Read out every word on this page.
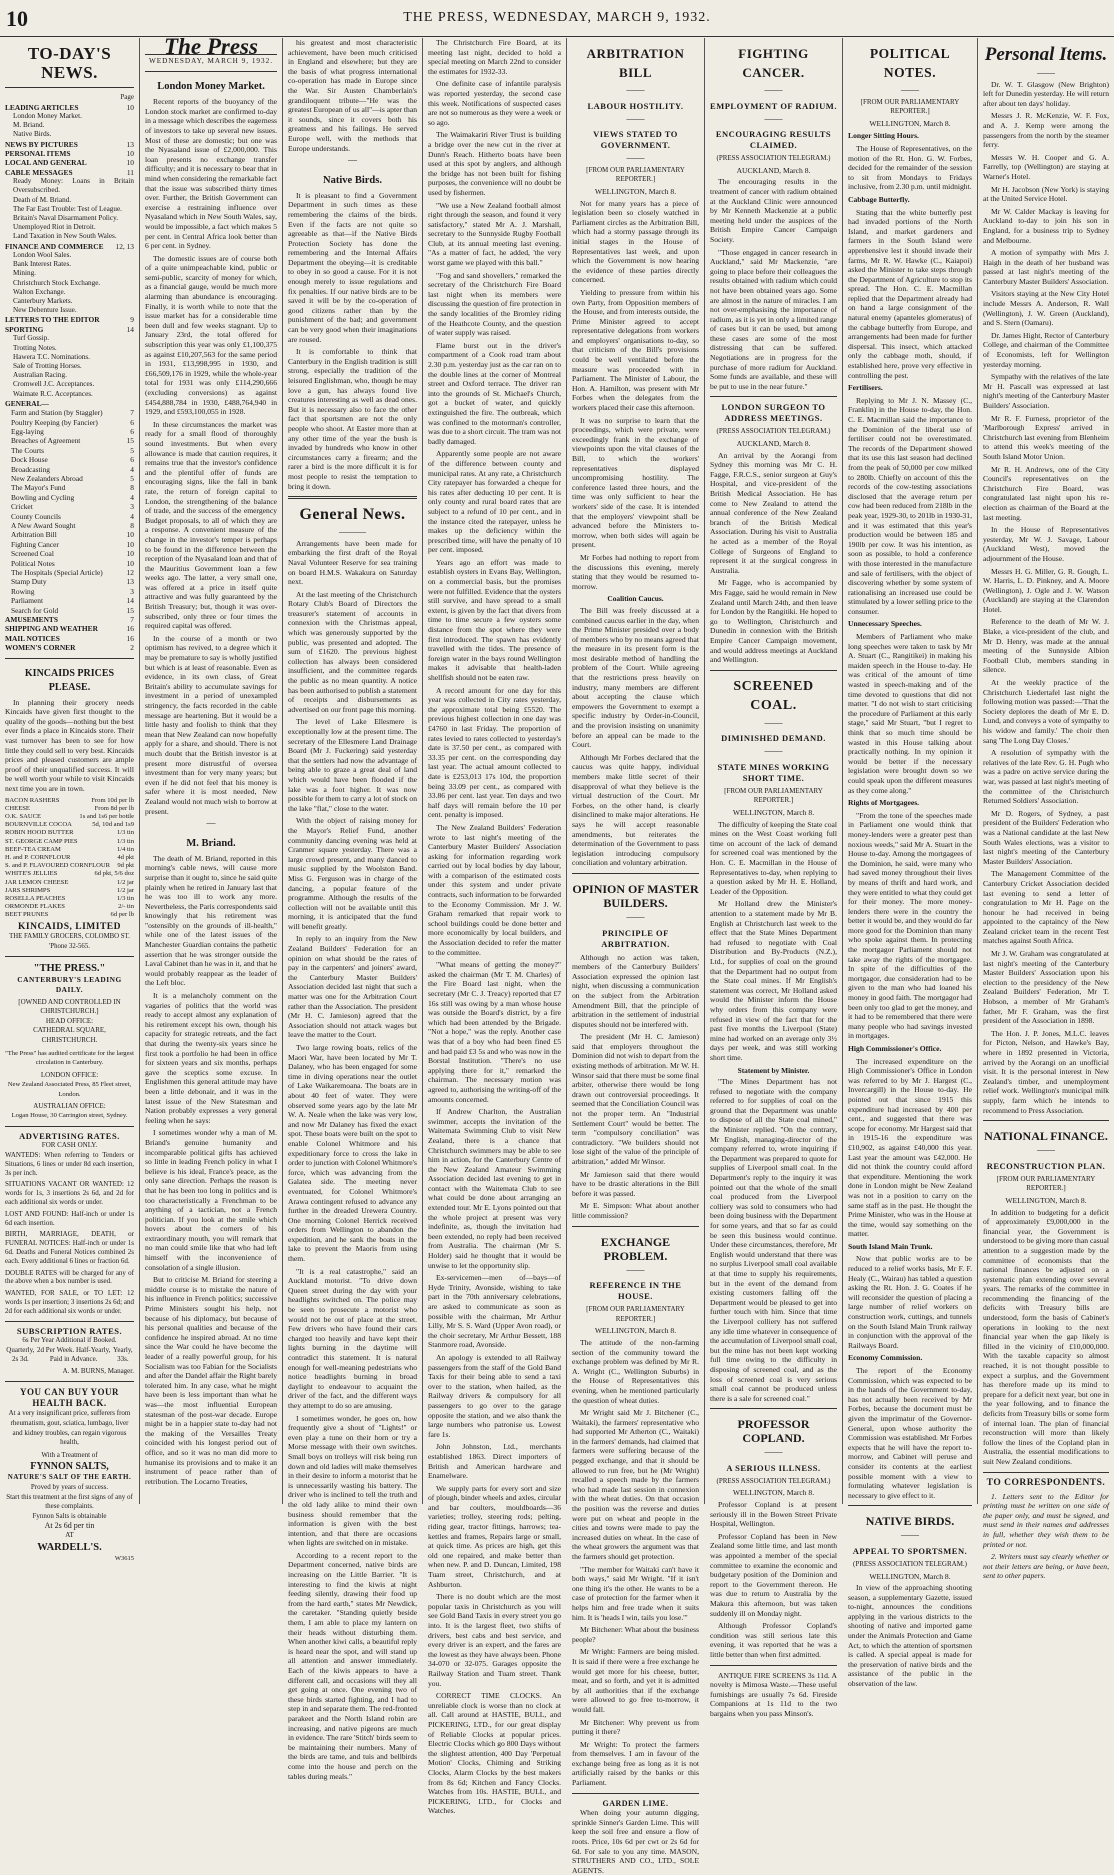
10	THE PRESS, WEDNESDAY, MARCH 9, 1932.
TO-DAY'S NEWS.
Page
LEADING ARTICLES	10
London Money Market.
M. Briand.
Native Birds.
NEWS BY PICTURES	13
PERSONAL ITEMS	10
LOCAL AND GENERAL	10
CABLE MESSAGES	11
Ready Money: Loans in Britain Oversubscribed.
Death of M. Briand.
The Far East Trouble: Test of League.
Britain's Naval Disarmament Policy.
Unemployed Riot in Detroit.
Land Taxation in New South Wales.
FINANCE AND COMMERCE 12, 13
London Wool Sales.
Bank Interest Rates.
Mining.
Christchurch Stock Exchange.
Walton Exchange.
Canterbury Markets.
New Debenture Issue.
LETTERS TO THE EDITOR	9
SPORTING	14
Turf Gossip.
Trotting Notes.
Hawera T.C. Nominations.
Sale of Trotting Horses.
Australian Racing.
Cromwell J.C. Acceptances.
Waimate R.C. Acceptances.
GENERAL—
Farm and Station (by Staggler)	7
Poultry Keeping (by Fancier)	6
Egg-laying	6
Breaches of Agreement	15
The Courts	5
Dock House	6
Broadcasting	4
New Zealanders Abroad	5
The Mayor's Fund	8
Bowling and Cycling	4
Cricket	3
County Councils	4
A New Award Sought	8
Arbitration Bill	10
Fighting Cancer	10
Screened Coal	10
Political Notes	10
The Hospitals (Special Article)	12
Stamp Duty	13
Rowing	3
Parliament	14
Search for Gold	15
AMUSEMENTS	7
SHIPPING AND WEATHER	16
MAIL NOTICES	16
WOMEN'S CORNER	2
KINCAIDS PRICES PLEASE.

In planning their grocery needs Kincaids have given first thought to the quality of the goods—nothing but the best ever finds a place in Kincaids store. Their vast turnover has been to see for how little they could sell to very best. Kincaids prices and pleased customers are ample proof of their unqualified success. It will be well worth your while to visit Kincaids next time you are in town.

BACON RASHERS	From 10d per lb
CHEESE	From 8d per lb
O.K. SAUCE	1s and 1s6 per bottle
BOURNVILLE COCOA	5d, 10d and 1s9
ROBIN HOOD BUTTER	1/3 tin
ST. GEORGE CAMP PIES	1/3 tin
BEEF-TEA CREAM	1/4 tin
H. and P. CORNFLOUR	4d pkt
S. and P. FLAVOURED CORNFLOUR 9d pkt
WHITE'S JELLIES	6d pkt, 5/6 doz
JAR LEMON CHEESE	1/2 jar
JARS SHRIMPS	1/2 jar
ROSELLA PEACHES	1/3 tin
ORMONDE FLAKES	2/- tin
BEET PRUNES	6d per lb
KINCAIDS, LIMITED
THE FAMILY GROCERS, COLOMBO ST. 'Phone 32-565.
"THE PRESS."
CANTERBURY'S LEADING DAILY.
[OWNED AND CONTROLLED IN CHRISTCHURCH.]
HEAD OFFICE:
CATHEDRAL SQUARE, CHRISTCHURCH.
"The Press" has audited certificate for the largest circulation in Canterbury.
LONDON OFFICE:
New Zealand Associated Press, 85 Fleet street, London.
AUSTRALIAN OFFICE:
Logan House, 30 Carrington street, Sydney.
ADVERTISING RATES.
FOR CASH ONLY.

WANTEDS: When referring to Tenders or Situations, 6 lines or under 8d each insertion, 3s per inch.

SITUATIONS VACANT OR WANTED: 12 words for 1s, 3 insertions 2s 6d, and 2d for each additional six words or under.

LOST AND FOUND: Half-inch or under 1s 6d each insertion.

BIRTH, MARRIAGE, DEATH, or FUNERAL NOTICES: Half-inch or under 1s 6d. Deaths and Funeral Notices combined 2s each. Every additional 6 lines or fraction 6d.

DOUBLE RATES will be charged for any of the above when a box number is used.

WANTED, FOR SALE, or TO LET: 12 words 1s per insertion; 3 insertions 2s 6d; and 2d for each additional six words or under.

SUBSCRIPTION RATES.
6s Per Year Additional if Booked.
Quarterly,
2s 3d.
2d Per Week. Half-Yearly,
Paid in Advance.
Yearly,
33s.
A. M. BURNS, Manager.
YOU CAN BUY YOUR HEALTH BACK.

At a very insignificant price, sufferers from rheumatism, gout, sciatica, lumbago, liver and kidney troubles, can regain vigorous health,

With a Treatment of
FYNNON SALTS,
NATURE'S SALT OF THE EARTH.
Proved by years of success.
Start this treatment at the first signs of any of these complaints.
Fynnon Salts is obtainable
At 2s 6d per tin
AT
WARDELL'S.
W3615
The Press
WEDNESDAY, MARCH 9, 1932.
London Money Market.

Recent reports of the buoyancy of the London stock market are confirmed to-day in a message which describes the eagerness of investors to take up several new issues. Most of these are domestic; but one was the Nyasaland issue of £2,000,000. This loan presents no exchange transfer difficulty; and it is necessary to bear that in mind when considering the remarkable fact that the issue was subscribed thirty times over. Further, the British Government can exercise a restraining influence over Nyasaland which in New South Wales, say, would be impossible, a fact which makes 5 per cent. in Central Africa look better than 6 per cent. in Sydney.

The domestic issues are of course both of a quite unimpeachable kind, public or semi-public, scarcity of money for which, as a financial gauge, would be much more alarming than abundance is encouraging. Finally, it is worth while to note that the issue market has for a considerable time been dull and few weeks stagnant. Up to January 23rd, the total offered for subscription this year was only £1,100,375 as against £10,207,563 for the same period in 1931, £13,998,995 in 1930, and £66,509,176 in 1929, while the whole-year total for 1931 was only £114,290,666 (excluding conversions) as against £454,888,784 in 1930, £488,764,940 in 1929, and £593,100,055 in 1928.

In these circumstances the market was ready for a small flood of thoroughly sound investments. But when every allowance is made that caution requires, it remains true that the investor's confidence and the plentiful offer of funds are encouraging signs, like the fall in bank rate, the return of foreign capital to London, the strengthening of the balance of trade, and the success of the emergency Budget proposals, to all of which they are a response. A convenient measure of the change in the investor's temper is perhaps to be found in the difference between the reception of the Nyasaland loan and that of the Mauritius Government loan a few weeks ago. The latter, a very small one, was offered at a price in itself quite attractive and was fully guaranteed by the British Treasury; but, though it was over-subscribed, only three or four times the required capital was offered.

In the course of a month or two optimism has revived, to a degree which it may be premature to say is wholly justified but which is at least of reasonable. Even as evidence, in its own class, of Great Britain's ability to accumulate savings for investment in a period of unexampled stringency, the facts recorded in the cable message are heartening. But it would be a little hasty and foolish to think that they mean that New Zealand can now hopefully apply for a share, and should. There is not much doubt that the British investor is at present more distrustful of oversea investment than for very many years; but even if he did not feel that his money is safer where it is most needed, New Zealand would not much wish to borrow at present.

—
M. Briand.

The death of M. Briand, reported in this morning's cable news, will cause more surprise than it ought to, since he said quite plainly when he retired in January last that he was too ill to work any more. Nevertheless, the Paris correspondents said knowingly that his retirement was "ostensibly on the grounds of ill-health," while one of the latest issues of the Manchester Guardian contains the pathetic assertion that he was stronger outside the Laval Cabinet than he was in it, and that he would probably reappear as the leader of the Left bloc.

It is a melancholy comment on the vagaries of politics that the world was ready to accept almost any explanation of his retirement except his own, though his capacity for strategic retreats, and the fact that during the twenty-six years since he first took a portfolio he had been in office for sixteen years and six months, perhaps gave the sceptics some excuse. In Englishmen this general attitude may have been a little debonair, and it was in the latest issue of the New Statesman and Nation probably expresses a very general feeling when he says:

I sometimes wonder why a man of M. Briand's genuine humanity and incomparable political gifts has achieved so little in leading French policy in what I believe is his ideal, France's peace, as the only sane direction. Perhaps the reason is that he has been too long in politics and is too characteristically a Frenchman to be anything of a tactician, not a French politician. If you look at the smile which hovers about the corners of his extraordinary mouth, you will remark that no man could smile like that who had left himself with the inconvenience of consolation of a single illusion.

But to criticise M. Briand for steering a middle course is to mistake the nature of his influence in French politics; successive Prime Ministers sought his help, not because of his diplomacy, but because of his personal qualities and because of the confidence he inspired abroad. At no time since the War could he have become the leader of a really powerful group, for his Socialism was too Fabian for the Socialists and after the Dandel affair the Right barely tolerated him. In any case, what he might have been is less important than what he was—the most influential European statesman of the post-war decade. Europe might be in a happier state to-day had not the making of the Versailles Treaty coincided with his longest period out of office, and so it was no man did more to humanise its provisions and to make it an instrument of peace rather than of retribution. The Locarno Treaties,

his greatest and most characteristic achievement, have been much criticised in England and elsewhere; but they are the basis of what progress international co-operation has made in Europe since the War. Sir Austen Chamberlain's grandiloquent tribute—"He was the greatest European of us all"—is apter than it sounds, since it covers both his greatness and his failings. He served Europe well, with the methods that Europe understands.

—
Native Birds.

It is pleasant to find a Government Department in such times as these remembering the claims of the birds. Even if the facts are not quite so agreeable as that—if the Native Birds Protection Society has done the remembering and the Internal Affairs Department the obeying—it is creditable to obey in so good a cause. For it is not enough merely to issue regulations and fix penalties. If our native birds are to be saved it will be by the co-operation of good citizens rather than by the punishment of the bad; and government can be very good when their imaginations are roused.

It is comfortable to think that Canterbury in the English tradition is still strong, especially the tradition of the leisured Englishman, who, though he may love a gun, has always found live creatures interesting as well as dead ones. But it is necessary also to face the other fact that sportsmen are not the only people who shoot. At Easter more than at any other time of the year the bush is invaded by hundreds who know in other circumstances carry a firearm; and the rarer a bird is the more difficult it is for most people to resist the temptation to bring it down.

General News.
———

Arrangements have been made for embarking the first draft of the Royal Naval Volunteer Reserve for sea training on board H.M.S. Wakakura on Saturday next.

At the last meeting of the Christchurch Rotary Club's Board of Directors the treasurer's statement of accounts in connexion with the Christmas appeal, which was generously supported by the public, was presented and adopted. The sum of £1620. The previous highest collection has always been considered insufficient, and the committee regards the public as no mean quantity. A notice has been authorised to publish a statement of receipts and disbursements as advertised on our front page this morning.

The level of Lake Ellesmere is exceptionally low at the present time. The secretary of the Ellesmere Land Drainage Board (Mr J. Fuckering) said yesterday that the settlers had now the advantage of being able to graze a great deal of land which would have been flooded if the lake was a foot higher. It was now possible for them to carry a lot of stock on the lake "flat," close to the water.

With the object of raising money for the Mayor's Relief Fund, another community dancing evening was held at Cranmer square yesterday. There was a large crowd present, and many danced to music supplied by the Woolston Band. Miss G. Ferguson was in charge of the dancing, a popular feature of the programme. Although the results of the collection will not be available until this morning, it is anticipated that the fund will benefit greatly.

In reply to an inquiry from the New Zealand Builders' Federation for an opinion on what should be the rates of pay in the carpenters' and joiners' award, the Canterbury Master Builders' Association decided last night that such a matter was one for the Arbitration Court rather than the Association. The president (Mr H. C. Jamieson) agreed that the Association should not attack wages but leave the matter to the Court.

Two large rowing boats, relics of the Maori War, have been located by Mr T. Dalaney, who has been engaged for some time in diving operations near the outlet of Lake Waikaremoana. The boats are in about 40 feet of water. They were observed some years ago by the late Mr W. A. Neale when the lake was very low, and now Mr Dalaney has fixed the exact spot. These boats were built on the spot to enable Colonel Whitmore and his expeditionary force to cross the lake in order to junction with Colonel Whitmore's force, which was advancing from the Galatea side. The meeting never eventuated, for Colonel Whitmore's Arawa contingent refused to advance any further in the dreaded Urewera Country. One morning Colonel Herrick received orders from Wellington to abandon the expedition, and he sank the boats in the lake to prevent the Maoris from using them.

"It is a real catastrophe," said an Auckland motorist. "To drive down Queen street during the day with your headlights switched on. The police may be seen to prosecute a motorist who would not be out of place at the street. Few drivers who have found their cars charged too heavily and have kept their lights burning in the daytime will contradict this statement. It is natural enough for well-meaning pedestrians who notice headlights burning in broad daylight to endeavour to acquaint the driver of the fact, and the different ways they attempt to do so are amusing.

I sometimes wonder, he goes on, how frequently give a shout of "Lights!" or even play a tune on their horn or try a Morse message with their own switches. Small boys on trolleys will risk being run down and old ladies will make themselves in their desire to inform a motorist that he is unnecessarily wasting his battery. The driver who is inclined to tell the truth and the old lady alike to mind their own business should remember that the information is given with the best intention, and that there are occasions when lights are switched on in mistake.

According to a recent report to the Department concerned, native birds are increasing on the Little Barrier. "It is interesting to find the kiwis at night feeding silently, drawing their food up from the hard earth," states Mr Newdick, the caretaker. "Standing quietly beside them, I am able to place my lantern on their heads without disturbing them. When another kiwi calls, a beautiful reply is heard near the spot, and will stand up all attention and answer immediately. Each of the kiwis appears to have a different call, and occasions will they all get going at once. One evening two of these birds started fighting, and I had to step in and separate them. The red-fronted parakeet and the North Island robin are increasing, and native pigeons are much in evidence. The rare 'Stitch' birds seem to be maintaining their numbers. Many of the birds are tame, and tuis and bellbirds come into the house and perch on the tables during meals."

The Christchurch Fire Board, at its meeting last night, decided to hold a special meeting on March 22nd to consider the estimates for 1932-33.

One definite case of infantile paralysis was reported yesterday, the second case this week. Notifications of suspected cases are not so numerous as they were a week or so ago.

The Waimakariri River Trust is building a bridge over the new cut in the river at Dunn's Reach. Hitherto boats have been used at this spot by anglers, and although the bridge has not been built for fishing purposes, the convenience will no doubt be used by fishermen.

"We use a New Zealand football almost right through the season, and found it very satisfactory," stated Mr A. J. Marshall, secretary to the Sunnyside Rugby Football Club, at its annual meeting last evening. "As a matter of fact, he added, 'the very worst game we played with this ball."

"Fog and sand shovellers," remarked the secretary of the Christchurch Fire Board last night when its members were discussing the question of fire protection in the sandy localities of the Bromley riding of the Heathcote County, and the question of water supply was raised.

Flame burst out in the driver's compartment of a Cook road tram about 2.30 p.m. yesterday just as the car ran on to the double lines at the corner of Montreal street and Oxford terrace. The driver ran into the grounds of St. Michael's Church, got a bucket of water, and quickly extinguished the fire. The outbreak, which was confined to the motorman's controller, was due to a short circuit. The tram was not badly damaged.

Apparently some people are not aware of the difference between county and municipal rates. At any rate, a Christchurch City ratepayer has forwarded a cheque for his rates after deducting 10 per cent. It is only county and rural board rates that are subject to a refund of 10 per cent., and in the instance cited the ratepayer, unless he makes up the deficiency within the prescribed time, will have the penalty of 10 per cent. imposed.

Years ago an effort was made to establish oysters in Evans Bay, Wellington, on a commercial basis, but the promises were not fulfilled. Evidence that the oysters still survive, and have spread to a small extent, is given by the fact that divers from time to time secure a few oysters some distance from the spot where they were first introduced. The spawn has evidently travelled with the tides. The presence of foreign water in the bays round Wellington makes it advisable that health-laden shellfish should not be eaten raw.

A record amount for one day for this year was collected in City rates yesterday, the approximate total being £5520. The previous highest collection in one day was £4760 in last Friday. The proportion of rates levied to rates collected to yesterday's date is 37.50 per cent., as compared with 33.35 per cent. on the corresponding day last year. The actual amount collected to date is £253,013 17s 10d, the proportion being 33.09 per cent., as compared with 33.86 per cent. last year. Ten days and two half days will remain before the 10 per cent. penalty is imposed.

The New Zealand Builders' Federation wrote to last night's meeting of the Canterbury Master Builders' Association asking for information regarding work carried out by local bodies by day labour, with a comparison of the estimated costs under this system and under private contracts, such information to be forwarded to the Economy Commission. Mr J. W. Graham remarked that repair work to school buildings could be done better and more economically by local builders, and the Association decided to refer the matter to the committee.

"What means of getting the money?" asked the chairman (Mr T. M. Charles) of the Fire Board last night, when the secretary (Mr C. J. Treacy) reported that £7 16s still was owing by a man whose house was outside the Board's district, by a fire which had been attended by the Brigade. "Not a hope," was the reply. Another case was that of a boy who had been fined £5 and had paid £3 5s and who was now in the Borstal Institution. "There's no use applying there for it," remarked the chairman. The necessary motion was agreed to, authorising the writing-off of the amounts concerned.

If Andrew Charlton, the Australian swimmer, accepts the invitation of the Waitemata Swimming Club to visit New Zealand, there is a chance that Christchurch swimmers may be able to see him in action, for the Canterbury Centre of the New Zealand Amateur Swimming Association decided last evening to get in contact with the Waitemata Club to see what could be done about arranging an extended tour. Mr E. Lyons pointed out that the whole project at present was very indefinite, as, though the invitation had been extended, no reply had been received from Australia. The chairman (Mr S. Holder) said he thought that it would be unwise to let the opportunity slip.

Ex-servicemen—men of—bays—of Hyde Trinity, Avonside, wishing to take part in the 70th anniversary celebrations, are asked to communicate as soon as possible with the chairman, Mr Arthur Lilly, Mr S. S. Ward (Upper Avon road), or the choir secretary, Mr Arthur Bessett, 188 Stanmore road, Avonside.

An apology is extended to all Railway passengers from the staff of the Gold Band Taxis for their being able to send a taxi over to the station, when hailed, as the Railway drivers & compulsory for all passengers to go over to the garage opposite the station, and we also thank the large numbers who patronise us. Lowest fare 1s.

John Johnston, Ltd., merchants established 1863. Direct importers of British and American hardware and Enamelware.

We supply parts for every sort and size of plough, binder wheels and axles, circular and bar coulters, mouldboards—36 varieties; trolley, steering rods; pelting, riding gear, tractor fittings, harrows; tea-kettles and frames, Repairs large or small, at quick time. As prices are high, get this old one repaired, and make better than when new. P. and D. Duncan, Limited, 198 Tuam street, Christchurch, and at Ashburton.

There is no doubt which are the most popular taxis in Christchurch as you will see Gold Band Taxis in every street you go into. It is the largest fleet, two shifts of drivers, best cabs and best service, and every driver is an expert, and the fares are the lowest as they have always been. Phone 34-070 or 32-075. Garages opposite the Railway Station and Tuam street. Thank you.

CORRECT TIME CLOCKS. An unreliable clock is worse than no clock at all. Call around at HASTIE, BULL, and PICKERING, LTD., for our great display of Reliable Clocks at popular prices. Electric Clocks which go 800 Days without the slightest attention, 400 Day 'Perpetual Motion' Clocks, Chiming and Striking Clocks, Alarm Clocks by the best makers from 8s 6d; Kitchen and Fancy Clocks. Watches from 10s. HASTIE, BULL, and PICKERING, LTD., for Clocks and Watches.

ARBITRATION BILL
——
LABOUR HOSTILITY.
——
VIEWS STATED TO GOVERNMENT.
——
[FROM OUR PARLIAMENTARY REPORTER.]
WELLINGTON, March 8.

Not for many years has a piece of legislation been so closely watched in Parliament circles as the Arbitration Bill, which had a stormy passage through its initial stages in the House of Representatives last week, and upon which the Government is now hearing the evidence of these parties directly concerned.

Yielding to pressure from within his own Party, from Opposition members of the House, and from interests outside, the Prime Minister agreed to accept representative delegations from workers and employers' organisations to-day, so that criticism of the Bill's provisions could be well ventilated before the measure was proceeded with in Parliament. The Minister of Labour, the Hon. A. Hamilton, was present with Mr Forbes when the delegates from the workers placed their case this afternoon.

It was no surprise to learn that the proceedings, which were private, were exceedingly frank in the exchange of viewpoints upon the vital clauses of the Bill, to which the workers' representatives displayed uncompromising hostility. The conference lasted three hours, and the time was only sufficient to hear the workers' side of the case. It is intended that the employers' viewpoint shall be advanced before the Ministers to-morrow, when both sides will again be present.

Mr Forbes had nothing to report from the discussions this evening, merely stating that they would be resumed to-morrow.

Coalition Caucus.

The Bill was freely discussed at a combined caucus earlier in the day, when the Prime Minister presided over a body of members who by no means agreed that the measure in its present form is the most desirable method of handling the problem of the Court. While agreeing that the restrictions press heavily on industry, many members are different about accepting the clause which empowers the Government to exempt a specific industry by Order-in-Council, and the provision insisting on unanimity before an appeal can be made to the Court.

Although Mr Forbes declared that the caucus was quite happy, individual members make little secret of their disapproval of what they believe is the virtual destruction of the Court. Mr Forbes, on the other hand, is clearly disinclined to make major alterations. He says he will accept reasonable amendments, but reiterates the determination of the Government to pass legislation introducing compulsory conciliation and voluntary arbitration.

OPINION OF MASTER BUILDERS.
——
PRINCIPLE OF ARBITRATION.

Although no action was taken, members of the Canterbury Builders' Association expressed the opinion last night, when discussing a communication on the subject from the Arbitration Amendment Bill, that the principle of arbitration in the settlement of industrial disputes should not be interfered with.

The president (Mr H. C. Jamieson) said that employers throughout the Dominion did not wish to depart from the existing methods of arbitration. Mr W. H. Winsor said that there must be some final arbiter, otherwise there would be long drawn out controversial proceedings. It seemed that the Conciliation Council was not the proper term. An "Industrial Settlement Court" would be better. The term "compulsory conciliation" was contradictory. "We builders should not lose sight of the value of the principle of arbitration," added Mr Winsor.

Mr Jamieson said that there would have to be drastic alterations in the Bill before it was passed.

Mr E. Simpson: What about another little commission?

EXCHANGE PROBLEM.
——
REFERENCE IN THE HOUSE.
[FROM OUR PARLIAMENTARY REPORTER.]
WELLINGTON, March 8.

The attitude of the non-farming section of the community toward the exchange problem was defined by Mr R. A. Wright (C., Wellington Suburbs) in the House of Representatives this evening, when he mentioned particularly the question of wheat duties.

Mr Wright said Mr J. Bitchener (C., Waitaki), the farmers' representative who had supported Mr Atherton (C., Waitaki) in the farmers' demands, had claimed that farmers were suffering because of the pegged exchange, and that it should be allowed to run free, but he (Mr Wright) recalled a speech made by the farmers who had made last session in connexion with the wheat duties. On that occasion the position was the reverse and duties were put on wheat and people in the cities and towns were made to pay the increased duties on wheat. In the case of the wheat growers the argument was that the farmers should get protection.

"The member for Waitaki can't have it both ways," said Mr Wright. "If it isn't one thing it's the other. He wants to be a case of protection for the farmer when it helps him and free trade when it suits him. It is 'heads I win, tails you lose.'"

Mr Bitchener: What about the business people?

Mr Wright: Farmers are being misled. It is said if there were a free exchange he would get more for his cheese, butter, meat, and so forth, and yet it is admitted by all authorities that if the exchange were allowed to go free to-morrow, it would fall.

Mr Bitchener: Why prevent us from putting it there?

Mr Wright: To protect the farmers from themselves. I am in favour of the exchange being free as long as it is not artificially raised by the banks or this Parliament.

GARDEN LIME.

When doing your autumn digging, sprinkle Sinner's Garden Lime. This will keep the soil free and ensure a flow of roots. Price, 10s 6d per cwt or 2s 6d for 6d. For sale to you any time. MASON, STRUTHERS AND CO., LTD., SOLE AGENTS.

FIGHTING CANCER.
——
EMPLOYMENT OF RADIUM.
——
ENCOURAGING RESULTS CLAIMED.
(PRESS ASSOCIATION TELEGRAM.)
AUCKLAND, March 8.

The encouraging results in the treatment of cancer with radium obtained at the Auckland Clinic were announced by Mr Kenneth Mackenzie at a public meeting held under the auspices of the British Empire Cancer Campaign Society.

"Those engaged in cancer research in Auckland," said Mr Mackenzie, "are going to place before their colleagues the results obtained with radium which could not have been obtained years ago. Some are almost in the nature of miracles. I am not over-emphasising the importance of radium, as it is yet in only a limited range of cases but it can be used, but among these cases are some of the most distressing that can be suffered. Negotiations are in progress for the purchase of more radium for Auckland. Some funds are available, and these will be put to use in the near future."

LONDON SURGEON TO ADDRESS MEETINGS.
(PRESS ASSOCIATION TELEGRAM.)
AUCKLAND, March 8.

An arrival by the Aorangi from Sydney this morning was Mr C. H. Fagge, F.R.C.S., senior surgeon at Guy's Hospital, and vice-president of the British Medical Association. He has come to New Zealand to attend the annual conference of the New Zealand branch of the British Medical Association. During his visit to Australia he acted as a member of the Royal College of Surgeons of England to represent it at the surgical congress in Australia.

Mr Fagge, who is accompanied by Mrs Fagge, said he would remain in New Zealand until March 24th, and then leave for London by the Rangitiki. He hoped to go to Wellington, Christchurch and Dunedin in connexion with the British Empire Cancer Campaign movement, and would address meetings at Auckland and Wellington.

SCREENED COAL.
——
DIMINISHED DEMAND.
——
STATE MINES WORKING SHORT TIME.
[FROM OUR PARLIAMENTARY REPORTER.]
WELLINGTON, March 8.

The difficulty of keeping the State coal mines on the West Coast working full time on account of the lack of demand for screened coal was mentioned by the Hon. C. E. Macmillan in the House of Representatives to-day, when replying to a question asked by Mr H. E. Holland, Leader of the Opposition.

Mr Holland drew the Minister's attention to a statement made by Mr B. English at Christchurch last week to the effect that the State Mines Department had refused to negotiate with Coal Distribution and By-Products (N.Z.), Ltd., for supplies of coal on the ground that the Department had no output from the State coal mines. If Mr English's statement was correct, Mr Holland asked would the Minister inform the House why orders from this company were refused in view of the fact that for the past five months the Liverpool (State) mine had worked on an average only 3½ days per week, and was still working short time.

Statement by Minister.

"The Mines Department has not refused to negotiate with the company referred to for supplies of coal on the ground that the Department was unable to dispose of all the State coal mined," the Minister replied. "On the contrary, Mr English, managing-director of the company referred to, wrote inquiring if the Department was prepared to quote for supplies of Liverpool small coal. In the Department's reply to the inquiry it was pointed out that the whole of the small coal produced from the Liverpool colliery was sold to consumers who had been doing business with the Department for some years, and that so far as could be seen this business would continue. Under these circumstances, therefore, Mr English would understand that there was no surplus Liverpool small coal available at that time to supply his requirements, but in the event of the demand from existing customers falling off the Department would be pleased to get into further touch with him. Since that time the Liverpool colliery has not suffered any idle time whatever in consequence of the accumulation of Liverpool small coal, but the mine has not been kept working full time owing to the difficulty in disposing of screened coal, and as the loss of screened coal is very serious small coal cannot be produced unless there is a sale for screened coal."

PROFESSOR COPLAND.
——
A SERIOUS ILLNESS.
(PRESS ASSOCIATION TELEGRAM.)
WELLINGTON, March 8.

Professor Copland is at present seriously ill in the Bowen Street Private Hospital, Wellington.

Professor Copland has been in New Zealand some little time, and last month was appointed a member of the special committee to examine the economic and budgetary position of the Dominion and report to the Government thereon. He was due to return to Australia by the Makura this afternoon, but was taken suddenly ill on Monday night.

Although Professor Copland's condition was still serious late this evening, it was reported that he was a little better than when first admitted.

ANTIQUE FIRE SCREENS 3s 11d. A novelty is Mimosa Waste.—These useful furnishings are usually 7s 6d. Fireside Companions at 1s 11d to the two bargains when you pass Minson's.

POLITICAL NOTES.
——
[FROM OUR PARLIAMENTARY REPORTER.]
WELLINGTON, March 8.

Longer Sitting Hours.

The House of Representatives, on the motion of the Rt. Hon. G. W. Forbes, decided for the remainder of the session to sit from Mondays to Fridays inclusive, from 2.30 p.m. until midnight.

Cabbage Butterfly.

Stating that the white butterfly pest had invaded portions of the North Island, and market gardeners and farmers in the South Island were apprehensive lest it should invade their farms, Mr R. W. Hawke (C., Kaiapoi) asked the Minister to take steps through the Department of Agriculture to stop its spread. The Hon. C. E. Macmillan replied that the Department already had on hand a large consignment of the natural enemy (apanteles glomeratus) of the cabbage butterfly from Europe, and arrangements had been made for further dispersal. This insect, which attacked only the cabbage moth, should, if established here, prove very effective in controlling the pest.

Fertilisers.

Replying to Mr J. N. Massey (C., Franklin) in the House to-day, the Hon. C. E. Macmillan said the importance to the Dominion of the liberal use of fertiliser could not be overestimated. The records of the Department showed that its use this last season had declined from the peak of 50,000 per cow milked to 280lb. Chiefly on account of this the records of the cow-testing associations disclosed that the average return per cow had been reduced from 218lb in the peak year, 1929-30, to 201lb in 1930-31, and it was estimated that this year's production would be between 185 and 190lb per cow. It was his intention, as soon as possible, to hold a conference with those interested in the manufacture and sale of fertilisers, with the object of discovering whether by some system of rationalising an increased use could be stimulated by a lower selling price to the consumer.

Unnecessary Speeches.

Members of Parliament who make long speeches were taken to task by Mr A. Stuart (C., Rangitikei) in making his maiden speech in the House to-day. He was critical of the amount of time wasted in speech-making and of the time devoted to questions that did not matter. "I do not wish to start criticising the procedure of Parliament at this early stage," said Mr Stuart, "but I regret to think that so much time should be wasted in this House talking about practically nothing. In my opinion it would be better if the necessary legislation were brought down so we could speak upon the different measures as they come along."

Rights of Mortgagees.

"From the tone of the speeches made in Parliament one would think that money-lenders were a greater pest than noxious weeds," said Mr A. Stuart in the House to-day. Among the mortgagees of the Dominion, he said, were many who had saved money throughout their lives by means of thrift and hard work, and they were entitled to what they could get for their money. The more money-lenders there were in the country the better it would be, and they would do far more good for the Dominion than many who spoke against them. In protecting the mortgagor Parliament should not take away the rights of the mortgagee. In spite of the difficulties of the mortgagor, due consideration had to be given to the man who had loaned his money in good faith. The mortgagor had been only too glad to get the money, and it had to be remembered that there were many people who had savings invested in mortgages.

High Commissioner's Office.

The increased expenditure on the High Commissioner's Office in London was referred to by Mr J. Hargest (C., Invercargill) in the House to-day. He pointed out that since 1915 this expenditure had increased by 400 per cent., and suggested that there was scope for economy. Mr Hargest said that in 1915-16 the expenditure was £10,902, as against £40,000 this year. Last year the amount was £42,000. He did not think the country could afford that expenditure. Mentioning the work done in London might be New Zealand was not in a position to carry on the same staff as in the past. He thought the Prime Minister, who was in the House at the time, would say something on the matter.

South Island Main Trunk.

Now that public works are to be reduced to a relief works basis, Mr F. F. Healy (C., Wairau) has tabled a question asking the Rt. Hon. J. G. Coates if he will reconsider the question of placing a large number of relief workers on construction work, cuttings, and tunnels on the South Island Main Trunk railway in conjunction with the approval of the Railways Board.

Economy Commission.

The report of the Economy Commission, which was expected to be in the hands of the Government to-day, has not actually been received by Mr Forbes, because the document must be given the imprimatur of the Governor-General, upon whose authority the Commission was established. Mr Forbes expects that he will have the report to-morrow, and Cabinet will peruse and consider its contents at the earliest possible moment with a view to formulating whatever legislation is necessary to give effect to it.

NATIVE BIRDS.
——
APPEAL TO SPORTSMEN.
(PRESS ASSOCIATION TELEGRAM.)
WELLINGTON, March 8.

In view of the approaching shooting season, a supplementary Gazette, issued to-night, announces the conditions applying in the various districts to the shooting of native and imported game under the Animals Protection and Game Act, to which the attention of sportsmen is called. A special appeal is made for the preservation of native birds and the assistance of the public in the observation of the law.

Personal Items.
——

Dr. W. T. Glasgow (New Brighton) left for Dunedin yesterday. He will return after about ten days' holiday.

Messrs J. R. McKenzie, W. F. Fox, and A. J. Kemp were among the passengers from the north by the steamer ferry.

Messrs W. H. Cooper and G. A. Farrelly, top (Wellington) are staying at Warner's Hotel.

Mr H. Jacobson (New York) is staying at the United Service Hotel.

Mr W. Calder Mackay is leaving for Auckland to-day to join his son in England, for a business trip to Sydney and Melbourne.

A motion of sympathy with Mrs J. Haigh in the death of her husband was passed at last night's meeting of the Canterbury Master Builders' Association.

Visitors staying at the New City Hotel include Messrs A. Anderson, R. Wall (Wellington), J. W. Green (Auckland), and S. Stern (Oamaru).

Dr. James Hight, Rector of Canterbury College, and chairman of the Committee of Economists, left for Wellington yesterday morning.

Sympathy with the relatives of the late Mr H. Pascall was expressed at last night's meeting of the Canterbury Master Builders' Association.

Mr R. F. Furness, proprietor of the 'Marlborough Express' arrived in Christchurch last evening from Blenheim to attend this week's meeting of the South Island Motor Union.

Mr R. H. Andrews, one of the City Council's representatives on the Christchurch Fire Board, was congratulated last night upon his re-election as chairman of the Board at the last meeting.

In the House of Representatives yesterday, Mr W. J. Savage, Labour (Auckland West), moved the adjournment of the House.

Messrs H. G. Miller, G. R. Gough, L. W. Harris, L. D. Pinkney, and A. Moore (Wellington), J. Ogle and J. W. Watson (Auckland) are staying at the Clarendon Hotel.

Reference to the death of Mr W. J. Blake, a vice-president of the club, and Mr D. Henry, was made at the annual meeting of the Sunnyside Albion Football Club, members standing in silence.

At the weekly practice of the Christchurch Liedertafel last night the following motion was passed:—'That the Society deplores the death of Mr E. D. Lund, and conveys a vote of sympathy to his widow and family.' The choir then sang 'The Long Day Closes.'

A resolution of sympathy with the relatives of the late Rev. G. H. Pugh who was a padre on active service during the war, was passed at last night's meeting of the committee of the Christchurch Returned Soldiers' Association.

Mr D. Rogers, of Sydney, a past president of the Builders' Federation who was a National candidate at the last New South Wales elections, was a visitor to last night's meeting of the Canterbury Master Builders' Association.

The Management Committee of the Canterbury Cricket Association decided last evening to send a letter of congratulation to Mr H. Page on the honour he had received in being appointed to the captaincy of the New Zealand cricket team in the recent Test matches against South Africa.

Mr J. W. Graham was congratulated at last night's meeting of the Canterbury Master Builders' Association upon his election to the presidency of the New Zealand Builders' Federation, Mr T. Hobson, a member of Mr Graham's father, Mr F. Graham, was the first president of the Association in 1898.

The Hon. J. P. Jones, M.L.C. leaves for Picton, Nelson, and Hawke's Bay, where in 1892 presented in Victoria, arrived by the Aorangi on an unofficial visit. It is the personal interest in New Zealand's timber, and unemployment relief work. Wellington's municipal milk supply, farm which he intends to recommend to Press Association.

NATIONAL FINANCE.
——
RECONSTRUCTION PLAN.
[FROM OUR PARLIAMENTARY REPORTER.]
WELLINGTON, March 8.

In addition to budgeting for a deficit of approximately £9,000,000 in the financial year, the Government is understood to be giving more than casual attention to a suggestion made by the committee of economists that the national finances be adjusted on a systematic plan extending over several years. The remarks of the committee in recommending the financing of the deficits with Treasury bills are understood, form the basis of Cabinet's operations in looking to the next financial year when the gap likely is filled in the vicinity of £10,000,000. With the taxable capacity so almost reached, it is not thought possible to expect a surplus, and the Government has therefore made up its mind to prepare for a deficit next year, but one in the year following, and to finance the deficits from Treasury bills or some form of internal loan. The plan of financial reconstruction will more than likely follow the lines of the Copland plan in Australia, the essential modifications to suit New Zealand conditions.

TO CORRESPONDENTS.

1. Letters sent to the Editor for printing must be written on one side of the paper only, and must be signed, and must send in their names and addresses in full, whether they wish them to be printed or not.

2. Writers must say clearly whether or not their letters are being, or have been, sent to other papers.
